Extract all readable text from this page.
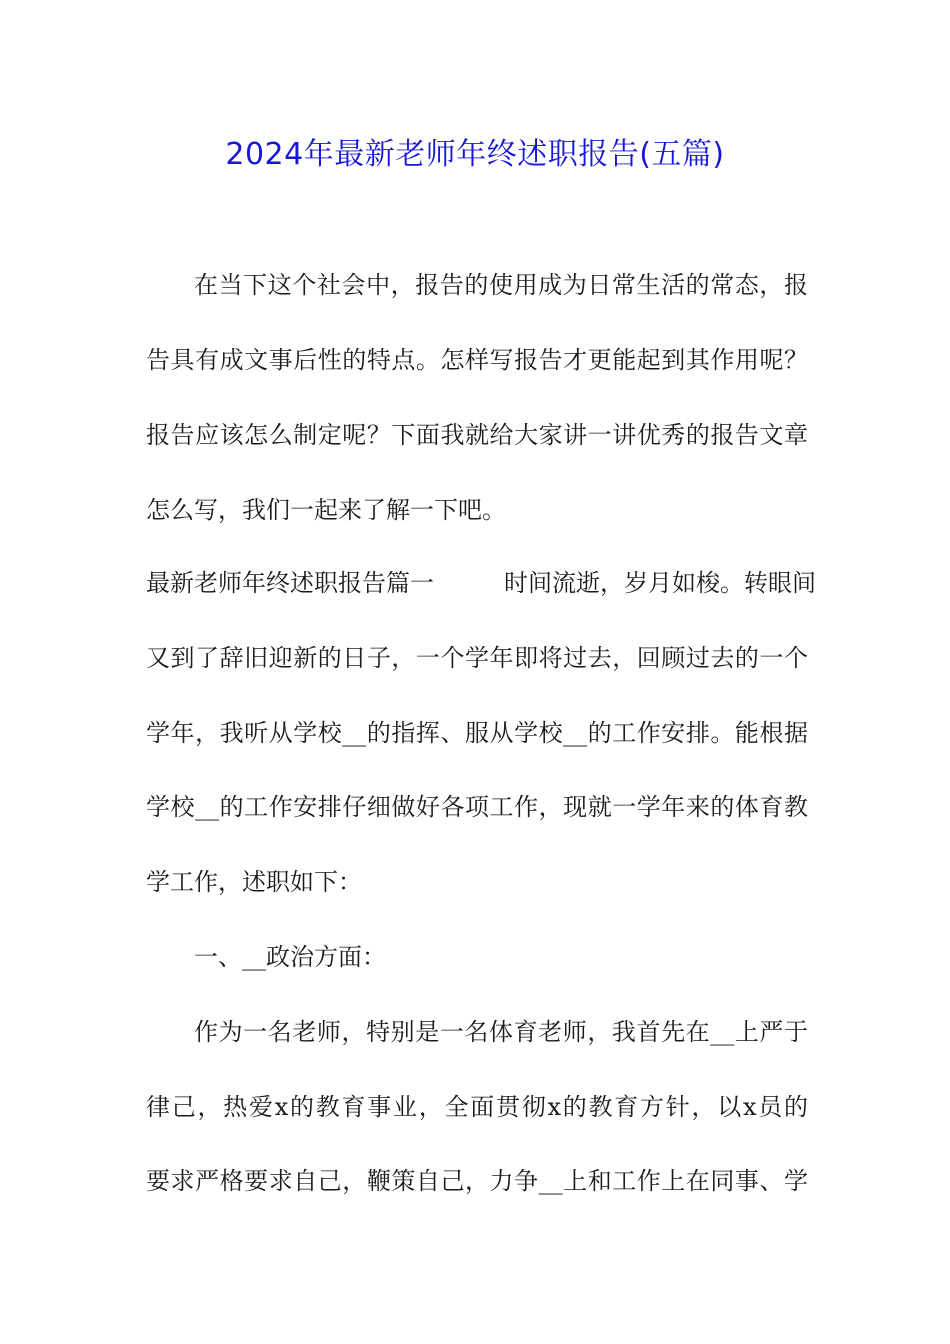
2024年最新老师年终述职报告(五篇)
在当下这个社会中，报告的使用成为日常生活的常态，报
告具有成文事后性的特点。怎样写报告才更能起到其作用呢？
报告应该怎么制定呢？下面我就给大家讲一讲优秀的报告文章
怎么写，我们一起来了解一下吧。
最新老师年终述职报告篇一	时间流逝，岁月如梭。转眼间
又到了辞旧迎新的日子，一个学年即将过去，回顾过去的一个
学年，我听从学校__的指挥、服从学校__的工作安排。能根据
学校__的工作安排仔细做好各项工作，现就一学年来的体育教
学工作，述职如下：
一、__政治方面：
作为一名老师，特别是一名体育老师，我首先在__上严于
律己，热爱x的教育事业，全面贯彻x的教育方针，以x员的
要求严格要求自己，鞭策自己，力争__上和工作上在同事、学
